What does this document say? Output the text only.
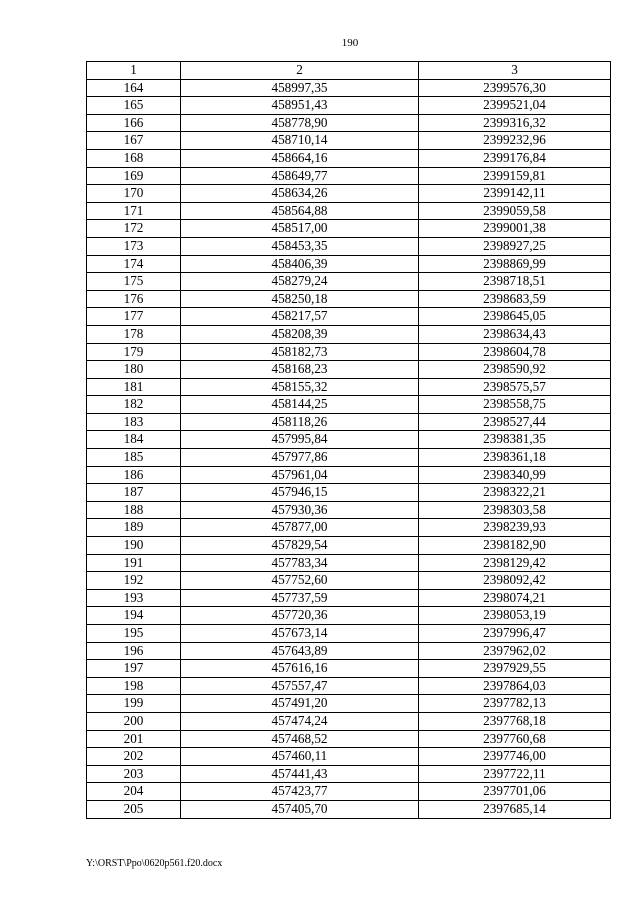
190
1	2	3
164	458997,35	2399576,30
165	458951,43	2399521,04
166	458778,90	2399316,32
167	458710,14	2399232,96
168	458664,16	2399176,84
169	458649,77	2399159,81
170	458634,26	2399142,11
171	458564,88	2399059,58
172	458517,00	2399001,38
173	458453,35	2398927,25
174	458406,39	2398869,99
175	458279,24	2398718,51
176	458250,18	2398683,59
177	458217,57	2398645,05
178	458208,39	2398634,43
179	458182,73	2398604,78
180	458168,23	2398590,92
181	458155,32	2398575,57
182	458144,25	2398558,75
183	458118,26	2398527,44
184	457995,84	2398381,35
185	457977,86	2398361,18
186	457961,04	2398340,99
187	457946,15	2398322,21
188	457930,36	2398303,58
189	457877,00	2398239,93
190	457829,54	2398182,90
191	457783,34	2398129,42
192	457752,60	2398092,42
193	457737,59	2398074,21
194	457720,36	2398053,19
195	457673,14	2397996,47
196	457643,89	2397962,02
197	457616,16	2397929,55
198	457557,47	2397864,03
199	457491,20	2397782,13
200	457474,24	2397768,18
201	457468,52	2397760,68
202	457460,11	2397746,00
203	457441,43	2397722,11
204	457423,77	2397701,06
205	457405,70	2397685,14
Y:\ORST\Ppo\0620p561.f20.docx
